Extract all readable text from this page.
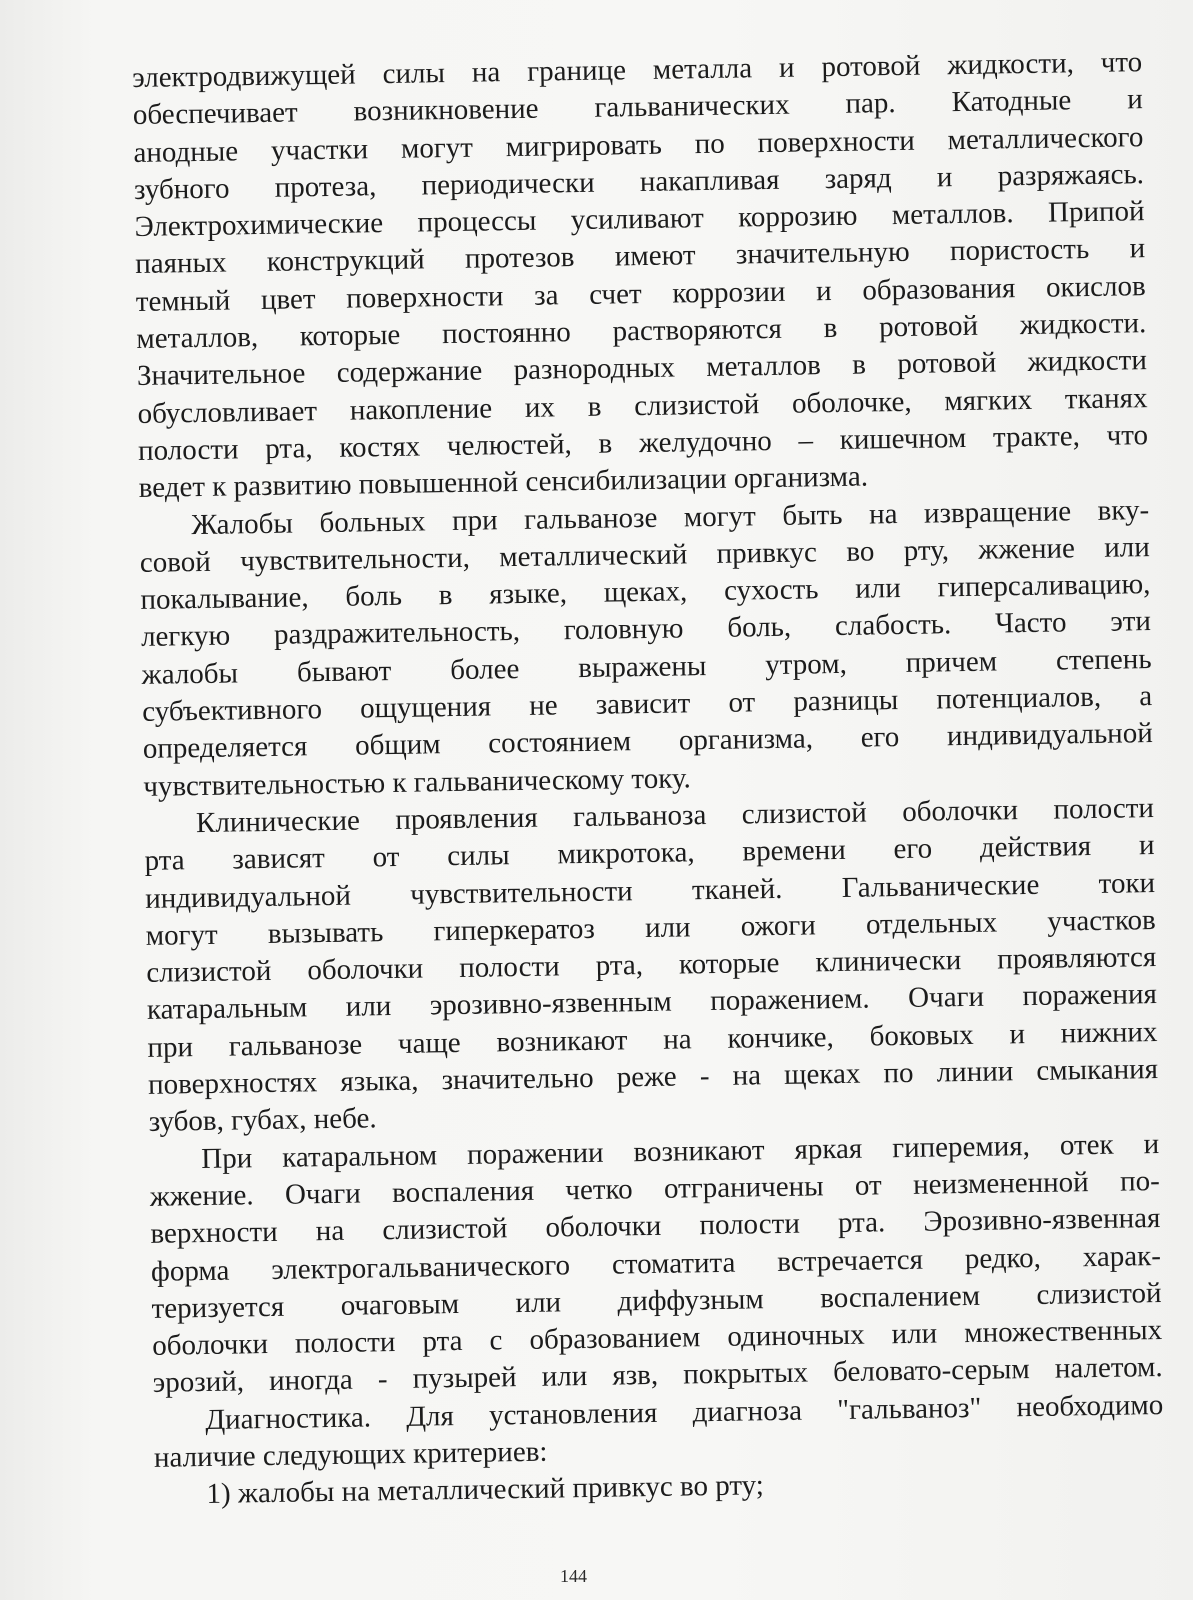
электродвижущей силы на границе металла и ротовой жидкости, что
обеспечивает возникновение гальванических пар. Катодные и
анодные участки могут мигрировать по поверхности металлического
зубного протеза, периодически накапливая заряд и разряжаясь.
Электрохимические процессы усиливают коррозию металлов. Припой
паяных конструкций протезов имеют значительную пористость и
темный цвет поверхности за счет коррозии и образования окислов
металлов, которые постоянно растворяются в ротовой жидкости.
Значительное содержание разнородных металлов в ротовой жидкости
обусловливает накопление их в слизистой оболочке, мягких тканях
полости рта, костях челюстей, в желудочно – кишечном тракте, что
ведет к развитию повышенной сенсибилизации организма.
Жалобы больных при гальванозе могут быть на извращение вку-
совой чувствительности, металлический привкус во рту, жжение или
покалывание, боль в языке, щеках, сухость или гиперсаливацию,
легкую раздражительность, головную боль, слабость. Часто эти
жалобы бывают более выражены утром, причем степень
субъективного ощущения не зависит от разницы потенциалов, а
определяется общим состоянием организма, его индивидуальной
чувствительностью к гальваническому току.
Клинические проявления гальваноза слизистой оболочки полости
рта зависят от силы микротока, времени его действия и
индивидуальной чувствительности тканей. Гальванические токи
могут вызывать гиперкератоз или ожоги отдельных участков
слизистой оболочки полости рта, которые клинически проявляются
катаральным или эрозивно-язвенным поражением. Очаги поражения
при гальванозе чаще возникают на кончике, боковых и нижних
поверхностях языка, значительно реже - на щеках по линии смыкания
зубов, губах, небе.
При катаральном поражении возникают яркая гиперемия, отек и
жжение. Очаги воспаления четко отграничены от неизмененной по-
верхности на слизистой оболочки полости рта. Эрозивно-язвенная
форма электрогальванического стоматита встречается редко, харак-
теризуется очаговым или диффузным воспалением слизистой
оболочки полости рта с образованием одиночных или множественных
эрозий, иногда - пузырей или язв, покрытых беловато-серым налетом.
Диагностика. Для установления диагноза "гальваноз" необходимо
наличие следующих критериев:
1) жалобы на металлический привкус во рту;
144
